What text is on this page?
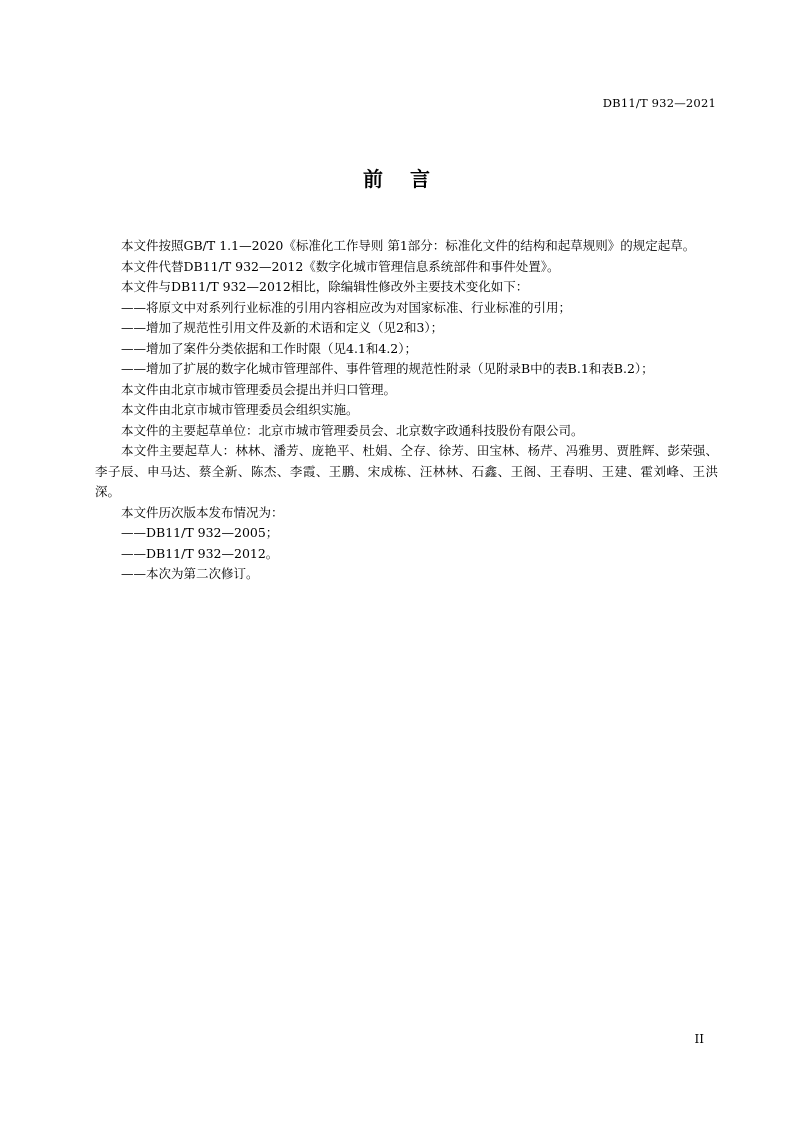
DB11/T 932—2021
前言

本文件按照GB/T 1.1—2020《标准化工作导则 第1部分：标准化文件的结构和起草规则》的规定起草。

本文件代替DB11/T 932—2012《数字化城市管理信息系统部件和事件处置》。

本文件与DB11/T 932—2012相比，除编辑性修改外主要技术变化如下：

——将原文中对系列行业标准的引用内容相应改为对国家标准、行业标准的引用；

——增加了规范性引用文件及新的术语和定义（见2和3）；

——增加了案件分类依据和工作时限（见4.1和4.2）；

——增加了扩展的数字化城市管理部件、事件管理的规范性附录（见附录B中的表B.1和表B.2）；

本文件由北京市城市管理委员会提出并归口管理。

本文件由北京市城市管理委员会组织实施。

本文件的主要起草单位：北京市城市管理委员会、北京数字政通科技股份有限公司。

本文件主要起草人：林林、潘芳、庞艳平、杜娟、仝存、徐芳、田宝林、杨芹、冯雅男、贾胜辉、彭荣强、李子辰、申马达、蔡全新、陈杰、李霞、王鹏、宋成栋、汪林林、石鑫、王阁、王春明、王建、霍刘峰、王洪深。

本文件历次版本发布情况为：

——DB11/T 932—2005；

——DB11/T 932—2012。

——本次为第二次修订。

II
